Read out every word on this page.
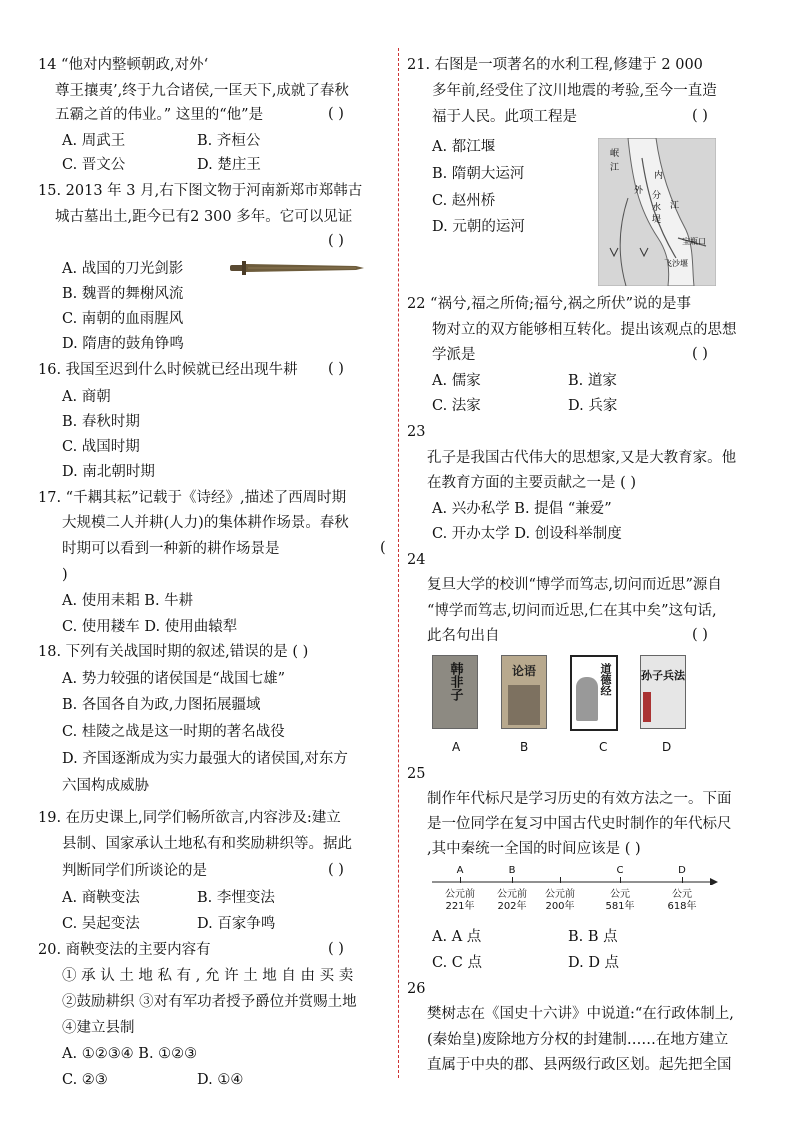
14 “他对内整顿朝政,对外‘
尊王攘夷’,终于九合诸侯,一匡天下,成就了春秋
五霸之首的伟业。” 这里的“他”是	( )
A. 周武王	B. 齐桓公
C. 晋文公	D. 楚庄王
15. 2013 年 3 月,右下图文物于河南新郑市郑韩古
城古墓出土,距今已有2 300 多年。它可以见证
( )
A. 战国的刀光剑影
B. 魏晋的舞榭风流
C. 南朝的血雨腥风
D. 隋唐的鼓角铮鸣
16. 我国至迟到什么时候就已经出现牛耕 ( )
A. 商朝
B. 春秋时期
C. 战国时期
D. 南北朝时期
17. “千耦其耘”记载于《诗经》,描述了西周时期
大规模二人并耕(人力)的集体耕作场景。春秋
时期可以看到一种新的耕作场景是	(
)
A. 使用耒耜 B. 牛耕
C. 使用耧车 D. 使用曲辕犁
18. 下列有关战国时期的叙述,错误的是 ( )
A. 势力较强的诸侯国是“战国七雄”
B. 各国各自为政,力图拓展疆域
C. 桂陵之战是这一时期的著名战役
D. 齐国逐渐成为实力最强大的诸侯国,对东方
六国构成威胁
19. 在历史课上,同学们畅所欲言,内容涉及:建立
县制、国家承认土地私有和奖励耕织等。据此
判断同学们所谈论的是	( )
A. 商鞅变法	B. 李悝变法
C. 吴起变法	D. 百家争鸣
20. 商鞅变法的主要内容有	( )
① 承 认 土 地 私 有 , 允 许 土 地 自 由 买 卖
②鼓励耕织 ③对有军功者授予爵位并赏赐土地
④建立县制
A. ①②③④ B. ①②③
C. ②③	D. ①④
21. 右图是一项著名的水利工程,修建于 2 000
多年前,经受住了汶川地震的考验,至今一直造
福于人民。此项工程是	( )
A. 都江堰
B. 隋朝大运河
C. 赵州桥
D. 元朝的运河
岷
江
内
外 分
水
堤
江
宝瓶口
飞沙堰
22 “祸兮,福之所倚;福兮,祸之所伏”说的是事
物对立的双方能够相互转化。提出该观点的思想
学派是	( )
A. 儒家	B. 道家
C. 法家	D. 兵家
23
孔子是我国古代伟大的思想家,又是大教育家。他
在教育方面的主要贡献之一是 ( )
A. 兴办私学 B. 提倡 “兼爱”
C. 开办太学 D. 创设科举制度
24
复旦大学的校训“博学而笃志,切问而近思”源自
“博学而笃志,切问而近思,仁在其中矣”这句话,
此名句出自	( )
韩非子	论语	道德经	孙子兵法
A	B	C	D
25
制作年代标尺是学习历史的有效方法之一。下面
是一位同学在复习中国古代史时制作的年代标尺
,其中秦统一全国的时间应该是 ( )
A
公元前
221年
B
公元前
202年
公元前
200年
C
公元
581年
D
公元
618年
A. A 点	B. B 点
C. C 点	D. D 点
26
樊树志在《国史十六讲》中说道:“在行政体制上,
(秦始皇)废除地方分权的封建制……在地方建立
直属于中央的郡、县两级行政区划。起先把全国
